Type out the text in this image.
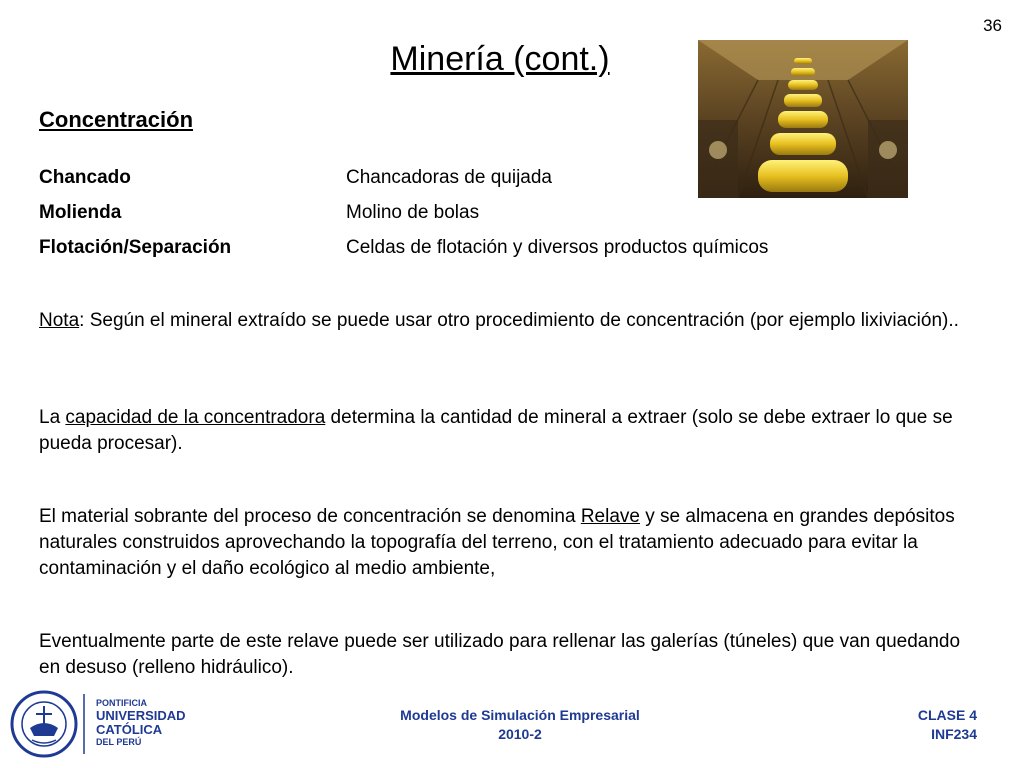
36
Minería (cont.)
Concentración
Chancado	Chancadoras de quijada
Molienda	Molino de bolas
Flotación/Separación	Celdas de flotación y diversos productos químicos
Nota: Según el mineral extraído se puede usar otro procedimiento de concentración (por ejemplo lixiviación)..
La capacidad de la concentradora determina la cantidad de mineral a extraer (solo se debe extraer lo que se pueda procesar).
El material sobrante del proceso de concentración se denomina Relave y se almacena en grandes depósitos naturales construidos aprovechando la topografía del terreno, con el tratamiento adecuado para evitar la contaminación y el daño ecológico al medio ambiente,
Eventualmente parte de este relave puede ser utilizado para rellenar las galerías (túneles) que van quedando en desuso (relleno hidráulico).
PONTIFICIA
UNIVERSIDAD
CATÓLICA
DEL PERÚ
Modelos de Simulación Empresarial
2010-2
CLASE 4
INF234
